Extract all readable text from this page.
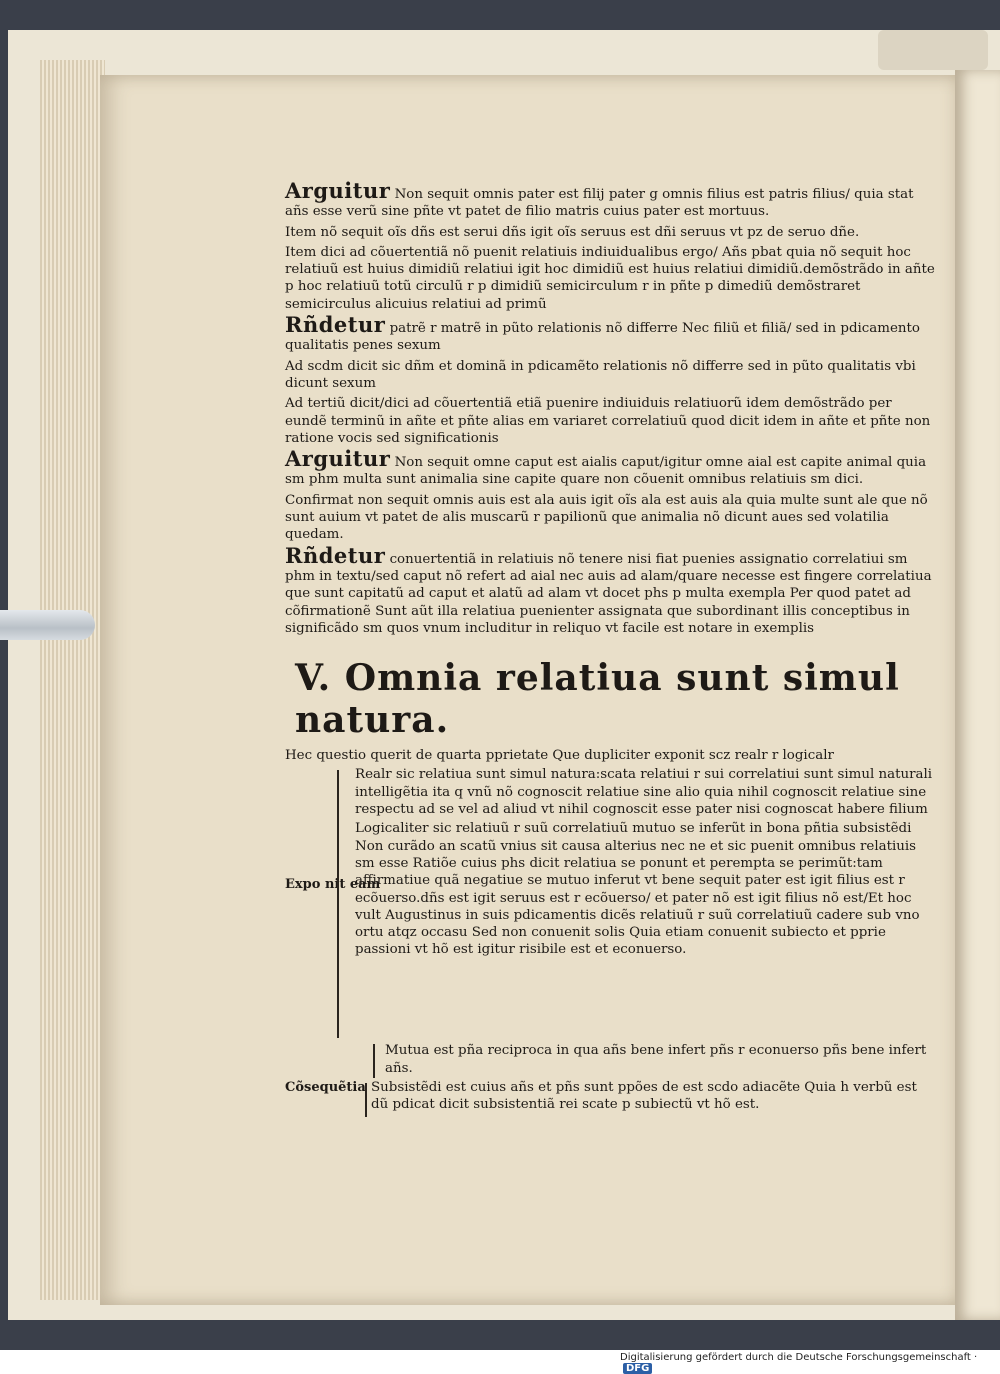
Arguitur Non sequit omnis pater est filij pater g omnis filius est patris filius/ quia stat añs esse verũ sine pñte vt patet de filio matris cuius pater est mortuus.
Item nõ sequit oĩs dñs est serui dñs igit oĩs seruus est dñi seruus vt pz de seruo dñe.
Item dici ad cõuertentiã nõ puenit relatiuis indiuidualibus ergo/ Añs pbat quia nõ sequit hoc relatiuũ est huius dimidiũ relatiui igit hoc dimidiũ est huius relatiui dimidiũ.demõstrãdo in añte p hoc relatiuũ totũ circulũ r p dimidiũ semicirculum r in pñte p dimediũ demõstraret semicirculus alicuius relatiui ad primũ
Rñdetur patrẽ r matrẽ in pũto relationis nõ differre Nec filiũ et filiã/ sed in pdicamento qualitatis penes sexum
Ad scdm dicit sic dñm et dominã in pdicamẽto relationis nõ differre sed in pũto qualitatis vbi dicunt sexum
Ad tertiũ dicit/dici ad cõuertentiã etiã puenire indiuiduis relatiuorũ idem demõstrãdo per eundẽ terminũ in añte et pñte alias em variaret correlatiuũ quod dicit idem in añte et pñte non ratione vocis sed significationis
Arguitur Non sequit omne caput est aialis caput/igitur omne aial est capite animal quia sm phm multa sunt animalia sine capite quare non cõuenit omnibus relatiuis sm dici.
Confirmat non sequit omnis auis est ala auis igit oĩs ala est auis ala quia multe sunt ale que nõ sunt auium vt patet de alis muscarũ r papilionũ que animalia nõ dicunt aues sed volatilia quedam.
Rñdetur conuertentiã in relatiuis nõ tenere nisi fiat puenies assignatio correlatiui sm phm in textu/sed caput nõ refert ad aial nec auis ad alam/quare necesse est fingere correlatiua que sunt capitatũ ad caput et alatũ ad alam vt docet phs p multa exempla Per quod patet ad cõfirmationẽ Sunt aũt illa relatiua puenienter assignata que subordinant illis conceptibus in significãdo sm quos vnum includitur in reliquo vt facile est notare in exemplis
V. Omnia relatiua sunt simul natura.
Hec questio querit de quarta pprietate Que dupliciter exponit scz realr r logicalr
Expo nit eam
Realr sic relatiua sunt simul natura:scata relatiui r sui correlatiui sunt simul naturali intelligẽtia ita q vnũ nõ cognoscit relatiue sine alio quia nihil cognoscit relatiue sine respectu ad se vel ad aliud vt nihil cognoscit esse pater nisi cognoscat habere filium
Logicaliter sic relatiuũ r suũ correlatiuũ mutuo se inferũt in bona pñtia subsistẽdi Non curãdo an scatũ vnius sit causa alterius nec ne et sic puenit omnibus relatiuis sm esse Ratiõe cuius phs dicit relatiua se ponunt et perempta se perimũt:tam affirmatiue quã negatiue se mutuo inferut vt bene sequit pater est igit filius est r ecõuerso.dñs est igit seruus est r ecõuerso/ et pater nõ est igit filius nõ est/Et hoc vult Augustinus in suis pdicamentis dicẽs relatiuũ r suũ correlatiuũ cadere sub vno ortu atqz occasu Sed non conuenit solis Quia etiam conuenit subiecto et pprie passioni vt hõ est igitur risibile est et econuerso.
Mutua est pña reciproca in qua añs bene infert pñs r econuerso pñs bene infert añs.
Cõsequẽtia Subsistẽdi est cuius añs et pñs sunt ppões de est scdo adiacẽte Quia h verbũ est dũ pdicat dicit subsistentiã rei scate p subiectũ vt hõ est.
Digitalisierung gefördert durch die Deutsche Forschungsgemeinschaft ·DFG
